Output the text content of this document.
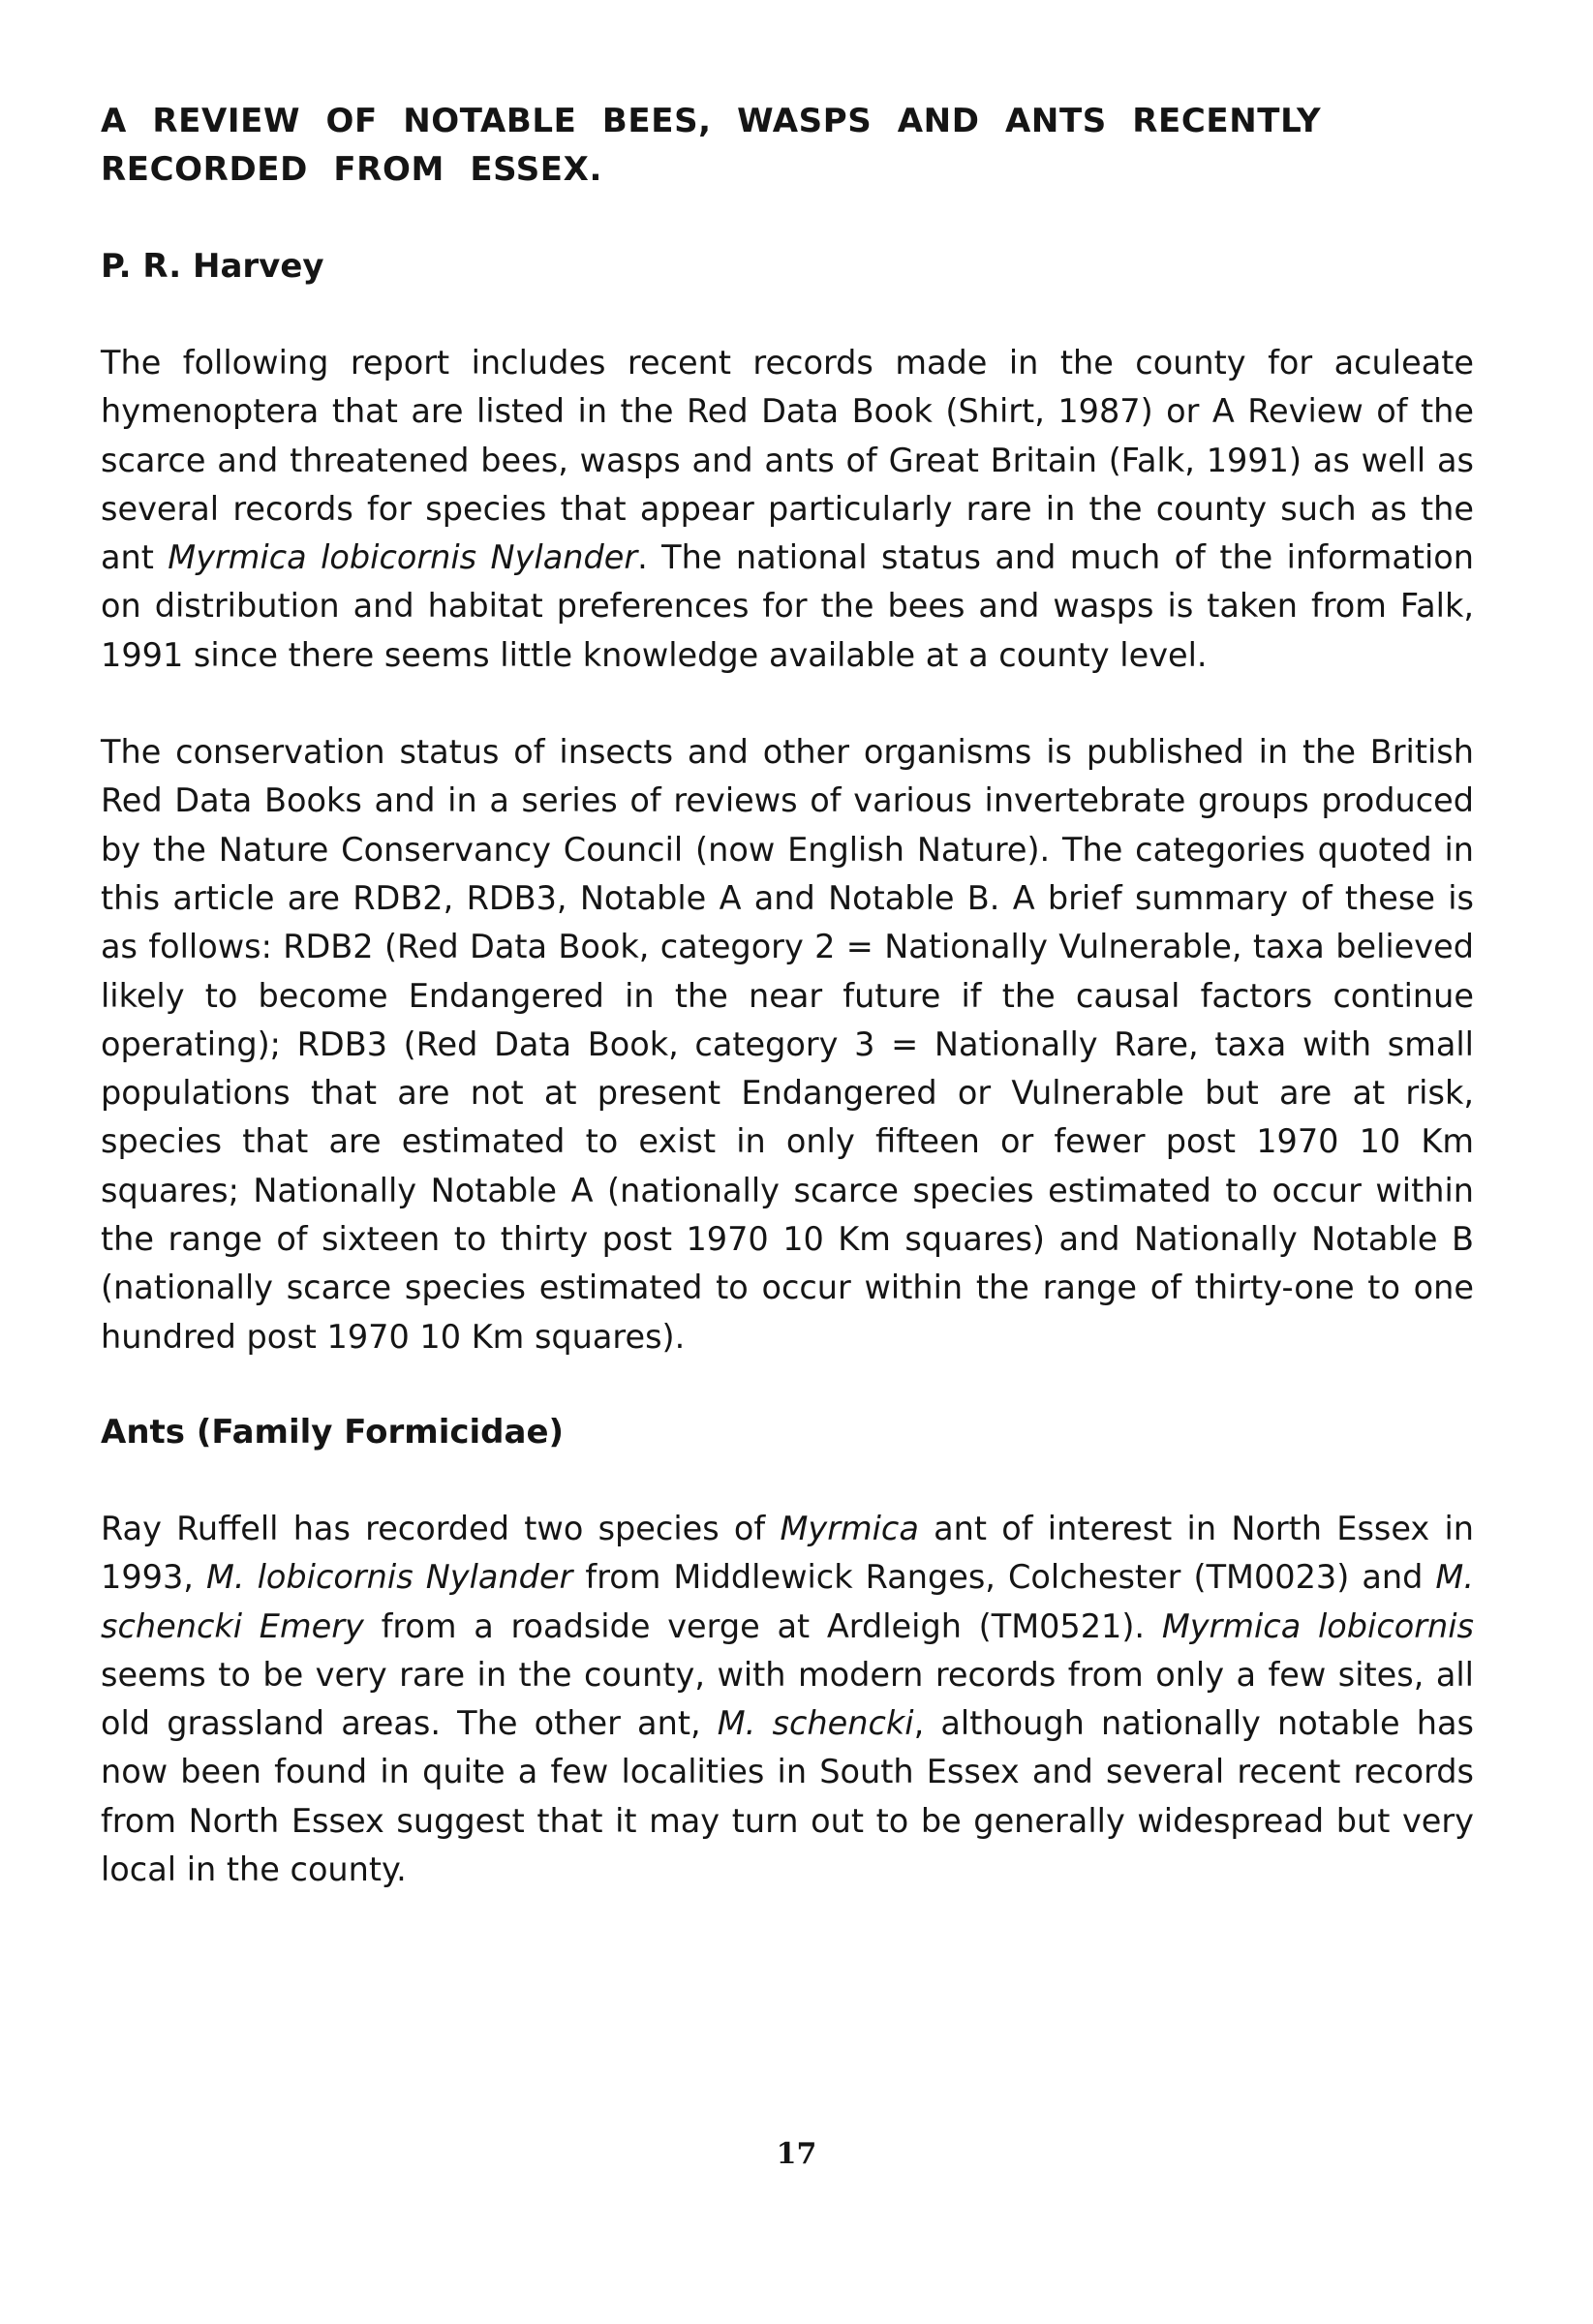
A REVIEW OF NOTABLE BEES, WASPS AND ANTS RECENTLY RECORDED FROM ESSEX.

P. R. Harvey

The following report includes recent records made in the county for aculeate hymenoptera that are listed in the Red Data Book (Shirt, 1987) or A Review of the scarce and threatened bees, wasps and ants of Great Britain (Falk, 1991) as well as several records for species that appear particularly rare in the county such as the ant Myrmica lobicornis Nylander. The national status and much of the information on distribution and habitat preferences for the bees and wasps is taken from Falk, 1991 since there seems little knowledge available at a county level.

The conservation status of insects and other organisms is published in the British Red Data Books and in a series of reviews of various invertebrate groups produced by the Nature Conservancy Council (now English Nature). The categories quoted in this article are RDB2, RDB3, Notable A and Notable B. A brief summary of these is as follows: RDB2 (Red Data Book, category 2 = Nationally Vulnerable, taxa believed likely to become Endangered in the near future if the causal factors continue operating); RDB3 (Red Data Book, category 3 = Nationally Rare, taxa with small populations that are not at present Endangered or Vulnerable but are at risk, species that are estimated to exist in only fifteen or fewer post 1970 10 Km squares; Nationally Notable A (nationally scarce species estimated to occur within the range of sixteen to thirty post 1970 10 Km squares) and Nationally Notable B (nationally scarce species estimated to occur within the range of thirty-one to one hundred post 1970 10 Km squares).

Ants (Family Formicidae)

Ray Ruffell has recorded two species of Myrmica ant of interest in North Essex in 1993, M. lobicornis Nylander from Middlewick Ranges, Colchester (TM0023) and M. schencki Emery from a roadside verge at Ardleigh (TM0521). Myrmica lobicornis seems to be very rare in the county, with modern records from only a few sites, all old grassland areas. The other ant, M. schencki, although nationally notable has now been found in quite a few localities in South Essex and several recent records from North Essex suggest that it may turn out to be generally widespread but very local in the county.

17
